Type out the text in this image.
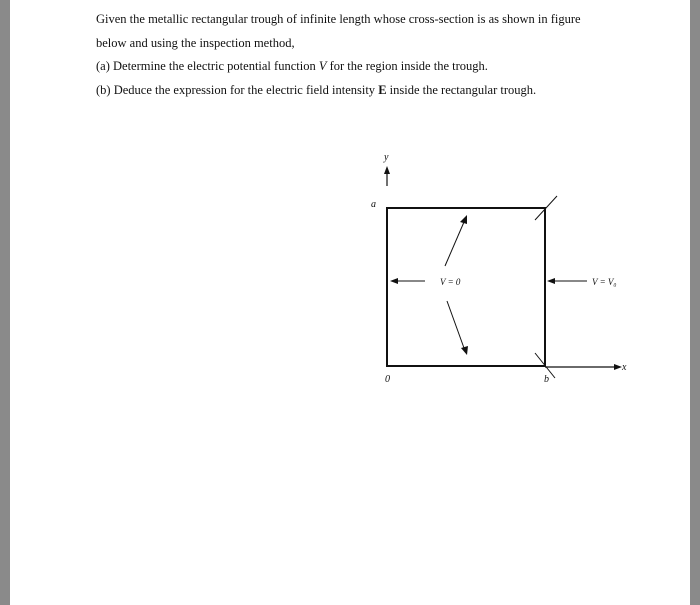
Given the metallic rectangular trough of infinite length whose cross-section is as shown in figure
below and using the inspection method,
(a) Determine the electric potential function V for the region inside the trough.
(b) Deduce the expression for the electric field intensity E inside the rectangular trough.
y
a
x
0	b
V = 0	V = V₀
